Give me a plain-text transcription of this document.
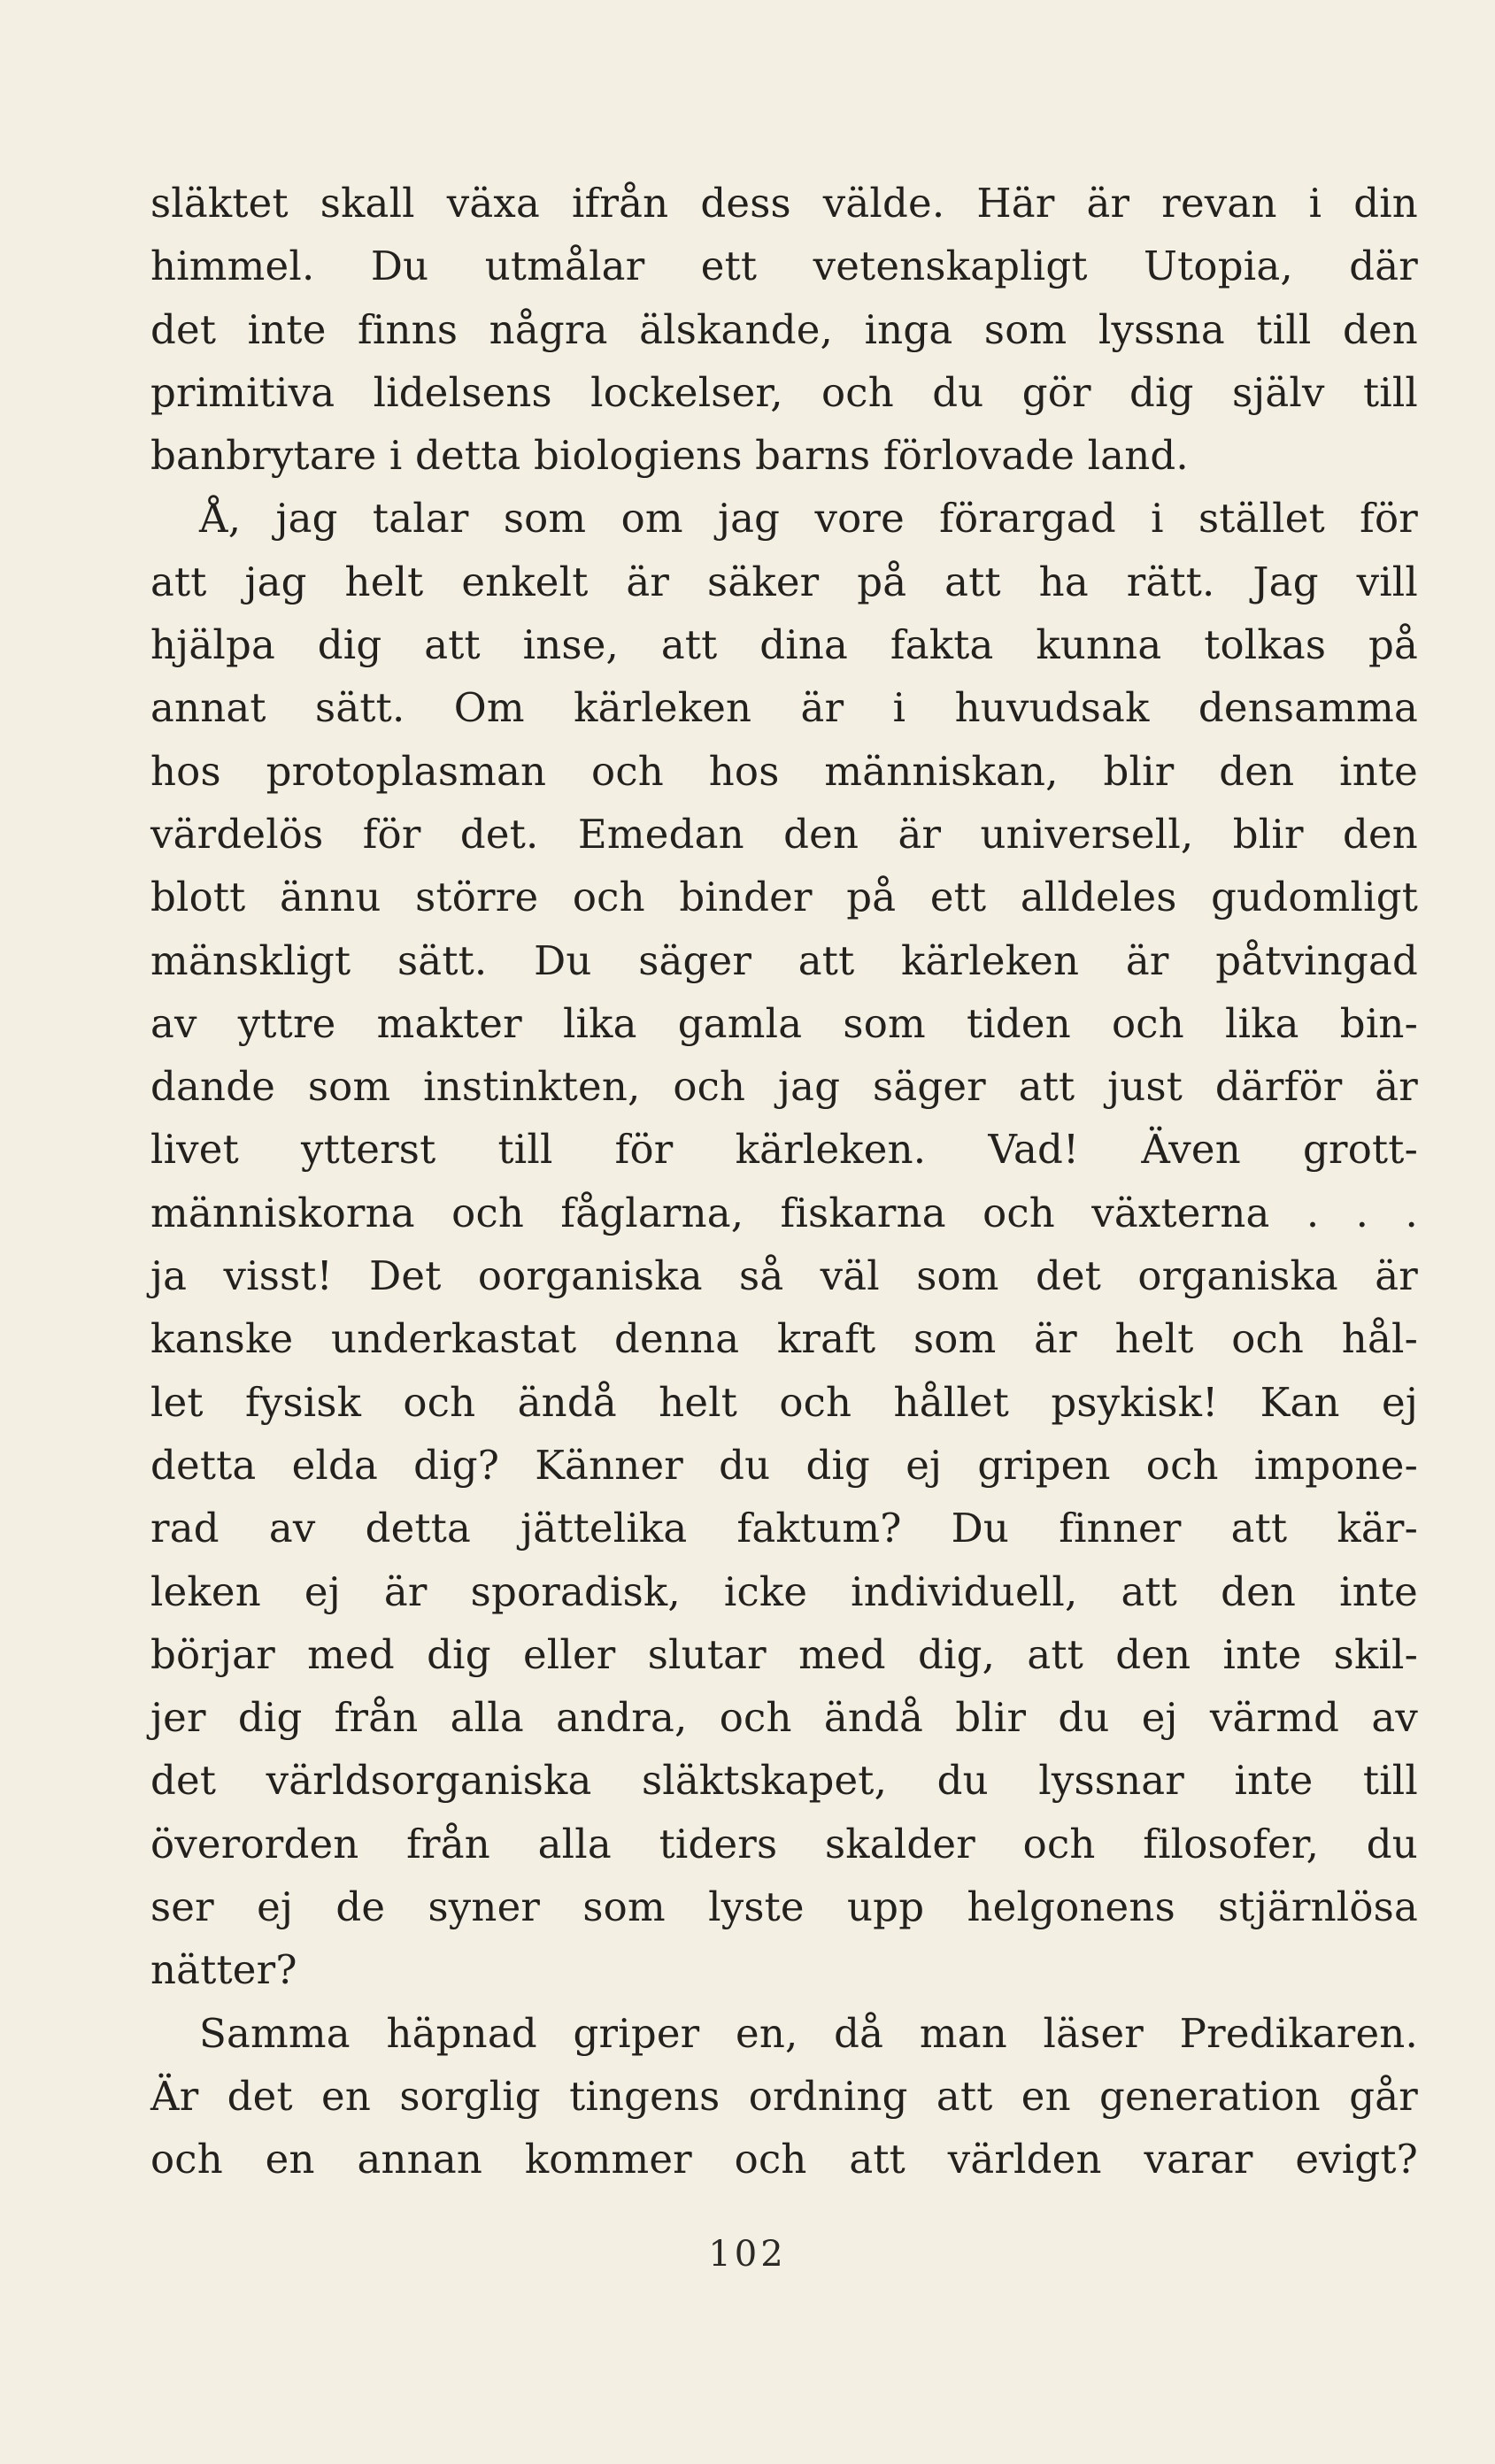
släktet skall växa ifrån dess välde. Här är revan i din
himmel. Du utmålar ett vetenskapligt Utopia, där
det inte finns några älskande, inga som lyssna till den
primitiva lidelsens lockelser, och du gör dig själv till
banbrytare i detta biologiens barns förlovade land.
Å, jag talar som om jag vore förargad i stället för
att jag helt enkelt är säker på att ha rätt. Jag vill
hjälpa dig att inse, att dina fakta kunna tolkas på
annat sätt. Om kärleken är i huvudsak densamma
hos protoplasman och hos människan, blir den inte
värdelös för det. Emedan den är universell, blir den
blott ännu större och binder på ett alldeles gudomligt
mänskligt sätt. Du säger att kärleken är påtvingad
av yttre makter lika gamla som tiden och lika bin-
dande som instinkten, och jag säger att just därför är
livet ytterst till för kärleken. Vad! Även grott-
människorna och fåglarna, fiskarna och växterna . . .
ja visst! Det oorganiska så väl som det organiska är
kanske underkastat denna kraft som är helt och hål-
let fysisk och ändå helt och hållet psykisk! Kan ej
detta elda dig? Känner du dig ej gripen och impone-
rad av detta jättelika faktum? Du finner att kär-
leken ej är sporadisk, icke individuell, att den inte
börjar med dig eller slutar med dig, att den inte skil-
jer dig från alla andra, och ändå blir du ej värmd av
det världsorganiska släktskapet, du lyssnar inte till
överorden från alla tiders skalder och filosofer, du
ser ej de syner som lyste upp helgonens stjärnlösa
nätter?
Samma häpnad griper en, då man läser Predikaren.
Är det en sorglig tingens ordning att en generation går
och en annan kommer och att världen varar evigt?
102
